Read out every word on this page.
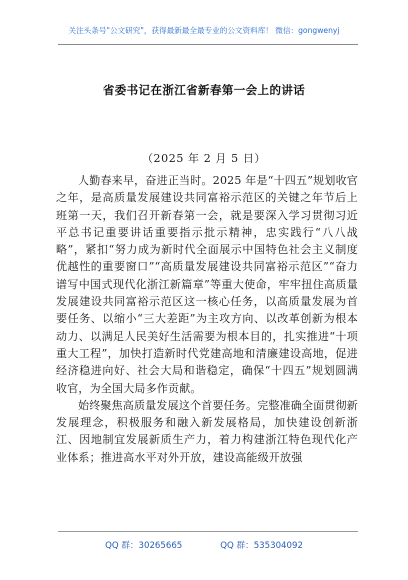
关注头条号"公文研究"，获得最新最全最专业的公文资料库！ 微信：gongwenyj
省委书记在浙江省新春第一会上的讲话
（2025 年 2 月 5 日）

人勤春来早，奋进正当时。2025 年是“十四五”规划收官之年，是高质量发展建设共同富裕示范区的关键之年节后上班第一天，我们召开新春第一会，就是要深入学习贯彻习近平总书记重要讲话重要指示批示精神，忠实践行“八八战略”，紧扣“努力成为新时代全面展示中国特色社会主义制度优越性的重要窗口”“高质量发展建设共同富裕示范区”“奋力谱写中国式现代化浙江新篇章”等重大使命，牢牢扭住高质量发展建设共同富裕示范区这一核心任务，以高质量发展为首要任务、以缩小“三大差距”为主攻方向、以改革创新为根本动力、以满足人民美好生活需要为根本目的，扎实推进“十项重大工程”，加快打造新时代党建高地和清廉建设高地，促进经济稳进向好、社会大局和谐稳定，确保“十四五”规划圆满收官，为全国大局多作贡献。

始终聚焦高质量发展这个首要任务。完整准确全面贯彻新发展理念，积极服务和融入新发展格局，加快建设创新浙江、因地制宜发展新质生产力，着力构建浙江特色现代化产业体系；推进高水平对外开放，建设高能级开放强

QQ 群：30265665	QQ 群：535304092
